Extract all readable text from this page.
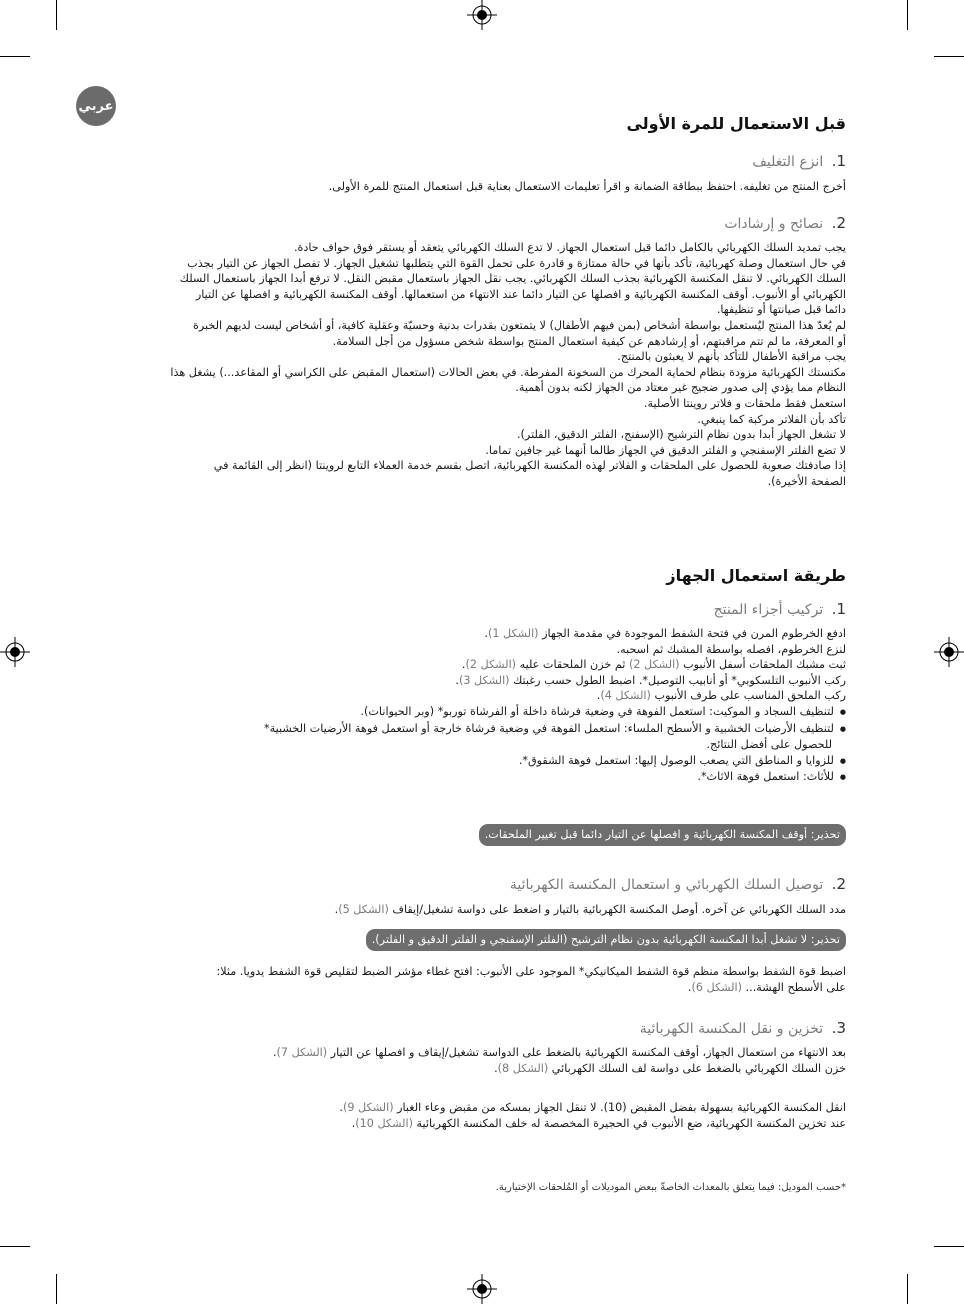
عربي
قبل الاستعمال للمرة الأولى
1. انزع التغليف
أخرج المنتج من تغليفه. احتفظ ببطاقة الضمانة و اقرأ تعليمات الاستعمال بعناية قبل استعمال المنتج للمرة الأولى.
2. نصائح و إرشادات
يجب تمديد السلك الكهربائي بالكامل دائما قبل استعمال الجهاز. لا تدع السلك الكهربائي يتعقد أو يستقر فوق حواف حادة.
في حال استعمال وصلة كهربائية، تأكد بأنها في حالة ممتازة و قادرة على تحمل القوة التي يتطلبها تشغيل الجهاز. لا تفصل الجهاز عن التيار بجذب
السلك الكهربائي. لا تنقل المكنسة الكهربائية بجذب السلك الكهربائي. يجب نقل الجهاز باستعمال مقبض النقل. لا ترفع أبدا الجهاز باستعمال السلك
الكهربائي أو الأنبوب. أوقف المكنسة الكهربائية و افصلها عن التيار دائما عند الانتهاء من استعمالها. أوقف المكنسة الكهربائية و افصلها عن التيار
دائما قبل صيانتها أو تنظيفها.
لم يُعدّ هذا المنتج ليُستعمل بواسطة أشخاص (بمن فيهم الأطفال) لا يتمتعون بقدرات بدنية وحسيّة وعقلية كافية، أو أشخاص ليست لديهم الخبرة
أو المعرفة، ما لم تتم مراقبتهم، أو إرشادهم عن كيفية استعمال المنتج بواسطة شخص مسؤول من أجل السلامة.
يجب مراقبة الأطفال للتأكد بأنهم لا يعبثون بالمنتج.
مكنستك الكهربائية مزودة بنظام لحماية المحرك من السخونة المفرطة. في بعض الحالات (استعمال المقبض على الكراسي أو المقاعد...) يشغل هذا
النظام مما يؤدي إلى صدور ضجيج غير معتاد من الجهاز لكنه بدون أهمية.
استعمل فقط ملحقات و فلاتر روينتا الأصلية.
تأكد بأن الفلاتر مركبة كما ينبغي.
لا تشغل الجهاز أبدا بدون نظام الترشيح (الإسفنج، الفلتر الدقيق، الفلتر).
لا تضع الفلتر الإسفنجي و الفلتر الدقيق في الجهاز طالما أنهما غير جافين تماما.
إذا صادفتك صعوبة للحصول على الملحقات و الفلاتر لهذه المكنسة الكهربائية، اتصل بقسم خدمة العملاء التابع لروينتا (انظر إلى القائمة في
الصفحة الأخيرة).
طريقة استعمال الجهاز
1. تركيب أجزاء المنتج
ادفع الخرطوم المرن في فتحة الشفط الموجودة في مقدمة الجهاز (الشكل 1).
لنزع الخرطوم، افصله بواسطة المشبك ثم اسحبه.
ثبت مشبك الملحقات أسفل الأنبوب (الشكل 2) ثم خزن الملحقات عليه (الشكل 2).
ركب الأنبوب التلسكوبي* أو أنابيب التوصيل*. اضبط الطول حسب رغبتك (الشكل 3).
ركب الملحق المناسب على طرف الأنبوب (الشكل 4).
● لتنظيف السجاد و الموكيت: استعمل الفوهة في وضعية فرشاة داخلة أو الفرشاة توربو* (وبر الحيوانات).
● لتنظيف الأرضيات الخشبية و الأسطح الملساء: استعمل الفوهة في وضعية فرشاة خارجة أو استعمل فوهة الأرضيات الخشبية*
للحصول على أفضل النتائج.
● للزوايا و المناطق التي يصعب الوصول إليها: استعمل فوهة الشقوق*.
● للأثاث: استعمل فوهة الاثاث*.
تحذير: أوقف المكنسة الكهربائية و افصلها عن التيار دائما قبل تغيير الملحقات.
2. توصيل السلك الكهربائي و استعمال المكنسة الكهربائية
مدد السلك الكهربائي عن آخره. أوصل المكنسة الكهربائية بالتيار و اضغط على دواسة تشغيل/إيقاف (الشكل 5).
تحذير: لا تشغل أبدا المكنسة الكهربائية بدون نظام الترشيح (الفلتر الإسفنجي و الفلتر الدقيق و الفلتر).
اضبط قوة الشفط بواسطة منظم قوة الشفط الميكانيكي* الموجود على الأنبوب: افتح غطاء مؤشر الضبط لتقليص قوة الشفط يدويا. مثلا:
على الأسطح الهشة... (الشكل 6).
3. تخزين و نقل المكنسة الكهربائية
بعد الانتهاء من استعمال الجهاز، أوقف المكنسة الكهربائية بالضغط على الدواسة تشغيل/إيقاف و افصلها عن التيار (الشكل 7).
خزن السلك الكهربائي بالضغط على دواسة لف السلك الكهربائي (الشكل 8).
انقل المكنسة الكهربائية بسهولة بفضل المقبض (10). لا تنقل الجهاز بمسكه من مقبض وعاء الغبار (الشكل 9).
عند تخزين المكنسة الكهربائية، ضع الأنبوب في الحجيرة المخصصة له خلف المكنسة الكهربائية (الشكل 10).
*حسب الموديل: فيما يتعلق بالمعدات الخاصةّ ببعض الموديلات أو المُلحقات الإختيارية.
